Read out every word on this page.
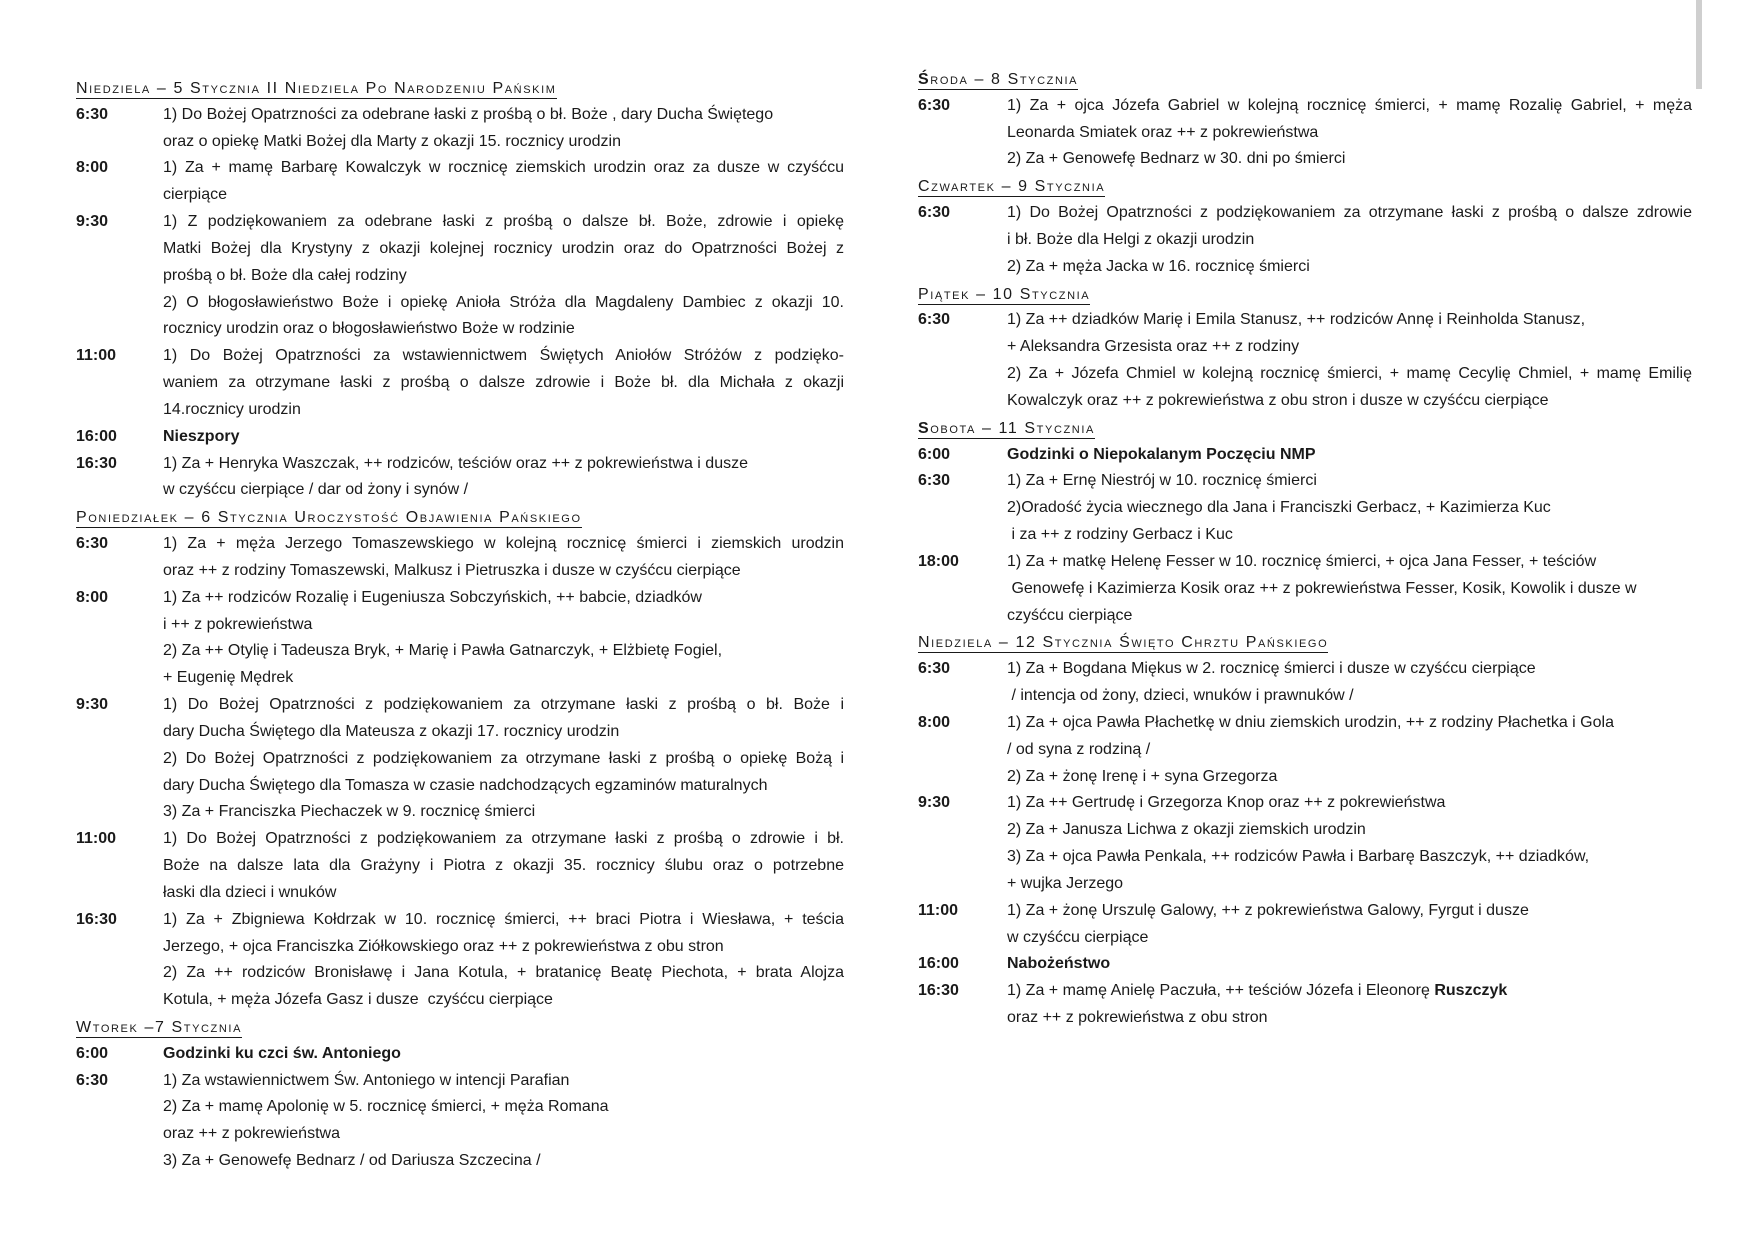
Niedziela – 5 Stycznia II Niedziela Po Narodzeniu Pańskim
6:30	1) Do Bożej Opatrzności za odebrane łaski z prośbą o bł. Boże , dary Ducha Świętego
oraz o opiekę Matki Bożej dla Marty z okazji 15. rocznicy urodzin
8:00	1) Za + mamę Barbarę Kowalczyk w rocznicę ziemskich urodzin oraz za dusze w czyśćcu
cierpiące
9:30	1) Z podziękowaniem za odebrane łaski z prośbą o dalsze bł. Boże, zdrowie i opiekę
Matki Bożej dla Krystyny z okazji kolejnej rocznicy urodzin oraz do Opatrzności Bożej z
prośbą o bł. Boże dla całej rodziny
2) O błogosławieństwo Boże i opiekę Anioła Stróża dla Magdaleny Dambiec z okazji 10.
rocznicy urodzin oraz o błogosławieństwo Boże w rodzinie
11:00	1) Do Bożej Opatrzności za wstawiennictwem Świętych Aniołów Stróżów z podzięko-
waniem za otrzymane łaski z prośbą o dalsze zdrowie i Boże bł. dla Michała z okazji
14.rocznicy urodzin
16:00	Nieszpory
16:30	1) Za + Henryka Waszczak, ++ rodziców, teściów oraz ++ z pokrewieństwa i dusze
w czyśćcu cierpiące / dar od żony i synów /
Poniedziałek – 6 Stycznia Uroczystość Objawienia Pańskiego
6:30	1) Za + męża Jerzego Tomaszewskiego w kolejną rocznicę śmierci i ziemskich urodzin
oraz ++ z rodziny Tomaszewski, Malkusz i Pietruszka i dusze w czyśćcu cierpiące
8:00	1) Za ++ rodziców Rozalię i Eugeniusza Sobczyńskich, ++ babcie, dziadków
i ++ z pokrewieństwa
2) Za ++ Otylię i Tadeusza Bryk, + Marię i Pawła Gatnarczyk, + Elżbietę Fogiel,
+ Eugenię Mędrek
9:30	1) Do Bożej Opatrzności z podziękowaniem za otrzymane łaski z prośbą o bł. Boże i
dary Ducha Świętego dla Mateusza z okazji 17. rocznicy urodzin
2) Do Bożej Opatrzności z podziękowaniem za otrzymane łaski z prośbą o opiekę Bożą i
dary Ducha Świętego dla Tomasza w czasie nadchodzących egzaminów maturalnych
3) Za + Franciszka Piechaczek w 9. rocznicę śmierci
11:00	1) Do Bożej Opatrzności z podziękowaniem za otrzymane łaski z prośbą o zdrowie i bł.
Boże na dalsze lata dla Grażyny i Piotra z okazji 35. rocznicy ślubu oraz o potrzebne
łaski dla dzieci i wnuków
16:30	1) Za + Zbigniewa Kołdrzak w 10. rocznicę śmierci, ++ braci Piotra i Wiesława, + teścia
Jerzego, + ojca Franciszka Ziółkowskiego oraz ++ z pokrewieństwa z obu stron
2) Za ++ rodziców Bronisławę i Jana Kotula, + bratanicę Beatę Piechota, + brata Alojza
Kotula, + męża Józefa Gasz i dusze  czyśćcu cierpiące
Wtorek –7 Stycznia
6:00	Godzinki ku czci św. Antoniego
6:30	1) Za wstawiennictwem Św. Antoniego w intencji Parafian
2) Za + mamę Apolonię w 5. rocznicę śmierci, + męża Romana
oraz ++ z pokrewieństwa
3) Za + Genowefę Bednarz / od Dariusza Szczecina /
Środa – 8 Stycznia
6:30	1) Za + ojca Józefa Gabriel w kolejną rocznicę śmierci, + mamę Rozalię Gabriel, + męża
Leonarda Smiatek oraz ++ z pokrewieństwa
2) Za + Genowefę Bednarz w 30. dni po śmierci
Czwartek – 9 Stycznia
6:30	1) Do Bożej Opatrzności z podziękowaniem za otrzymane łaski z prośbą o dalsze zdrowie
i bł. Boże dla Helgi z okazji urodzin
2) Za + męża Jacka w 16. rocznicę śmierci
Piątek – 10 Stycznia
6:30	1) Za ++ dziadków Marię i Emila Stanusz, ++ rodziców Annę i Reinholda Stanusz,
+ Aleksandra Grzesista oraz ++ z rodziny
2) Za + Józefa Chmiel w kolejną rocznicę śmierci, + mamę Cecylię Chmiel, + mamę Emilię
Kowalczyk oraz ++ z pokrewieństwa z obu stron i dusze w czyśćcu cierpiące
Sobota – 11 Stycznia
6:00	Godzinki o Niepokalanym Poczęciu NMP
6:30	1) Za + Ernę Niestrój w 10. rocznicę śmierci
2)Oradość życia wiecznego dla Jana i Franciszki Gerbacz, + Kazimierza Kuc
i za ++ z rodziny Gerbacz i Kuc
18:00	1) Za + matkę Helenę Fesser w 10. rocznicę śmierci, + ojca Jana Fesser, + teściów
Genowefę i Kazimierza Kosik oraz ++ z pokrewieństwa Fesser, Kosik, Kowolik i dusze w
czyśćcu cierpiące
Niedziela – 12 Stycznia Święto Chrztu Pańskiego
6:30	1) Za + Bogdana Miękus w 2. rocznicę śmierci i dusze w czyśćcu cierpiące
/ intencja od żony, dzieci, wnuków i prawnuków /
8:00	1) Za + ojca Pawła Płachetkę w dniu ziemskich urodzin, ++ z rodziny Płachetka i Gola
/ od syna z rodziną /
2) Za + żonę Irenę i + syna Grzegorza
9:30	1) Za ++ Gertrudę i Grzegorza Knop oraz ++ z pokrewieństwa
2) Za + Janusza Lichwa z okazji ziemskich urodzin
3) Za + ojca Pawła Penkala, ++ rodziców Pawła i Barbarę Baszczyk, ++ dziadków,
+ wujka Jerzego
11:00	1) Za + żonę Urszulę Galowy, ++ z pokrewieństwa Galowy, Fyrgut i dusze
w czyśćcu cierpiące
16:00	Nabożeństwo
16:30	1) Za + mamę Anielę Paczuła, ++ teściów Józefa i Eleonorę Ruszczyk
oraz ++ z pokrewieństwa z obu stron
